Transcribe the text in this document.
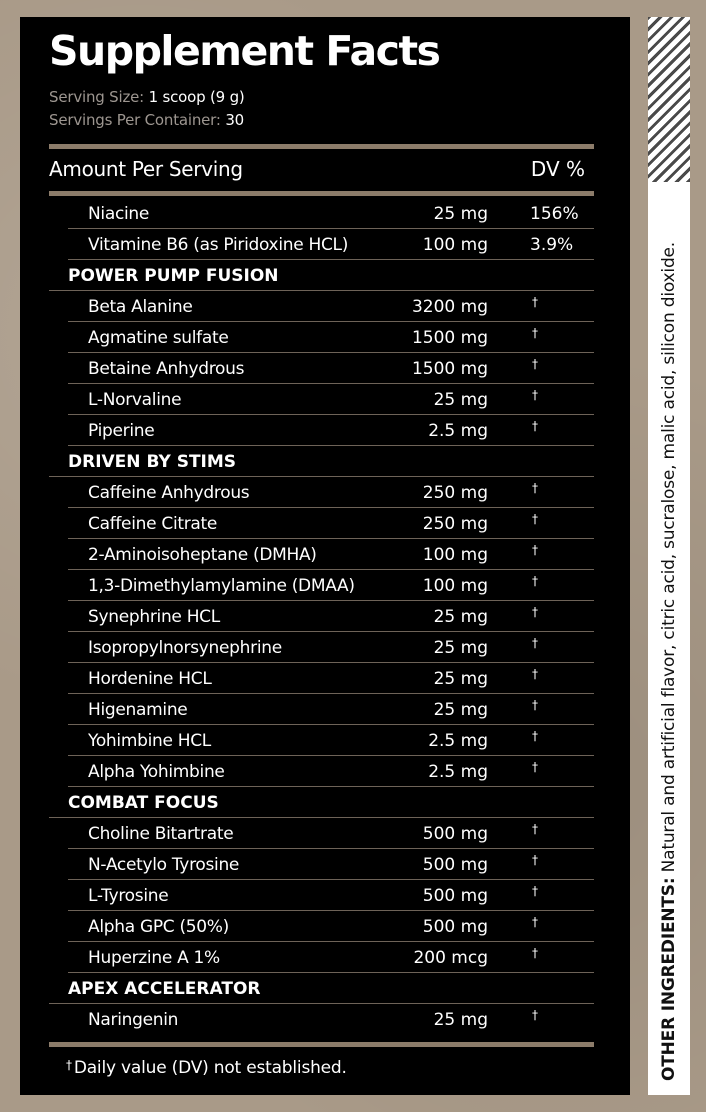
Supplement Facts
Serving Size: 1 scoop (9 g)
Servings Per Container: 30
Amount Per Serving	DV %
Niacine	25 mg 156%
Vitamine B6 (as Piridoxine HCL)	100 mg 3.9%
POWER PUMP FUSION
Beta Alanine	3200 mg	†
Agmatine sulfate	1500 mg	†
Betaine Anhydrous	1500 mg	†
L-Norvaline	25 mg	†
Piperine	2.5 mg	†
DRIVEN BY STIMS
Caffeine Anhydrous	250 mg	†
Caffeine Citrate	250 mg	†
2-Aminoisoheptane (DMHA)	100 mg	†
1,3-Dimethylamylamine (DMAA)	100 mg	†
Synephrine HCL	25 mg	†
Isopropylnorsynephrine	25 mg	†
Hordenine HCL	25 mg	†
Higenamine	25 mg	†
Yohimbine HCL	2.5 mg	†
Alpha Yohimbine	2.5 mg	†
COMBAT FOCUS
Choline Bitartrate	500 mg	†
N-Acetylo Tyrosine	500 mg	†
L-Tyrosine	500 mg	†
Alpha GPC (50%)	500 mg	†
Huperzine A 1%	200 mcg	†
APEX ACCELERATOR
Naringenin	25 mg	†
† Daily value (DV) not established.	OTHER INGREDIENTS: Natural and artificial flavor, citric acid, sucralose, malic acid, silicon dioxide.
